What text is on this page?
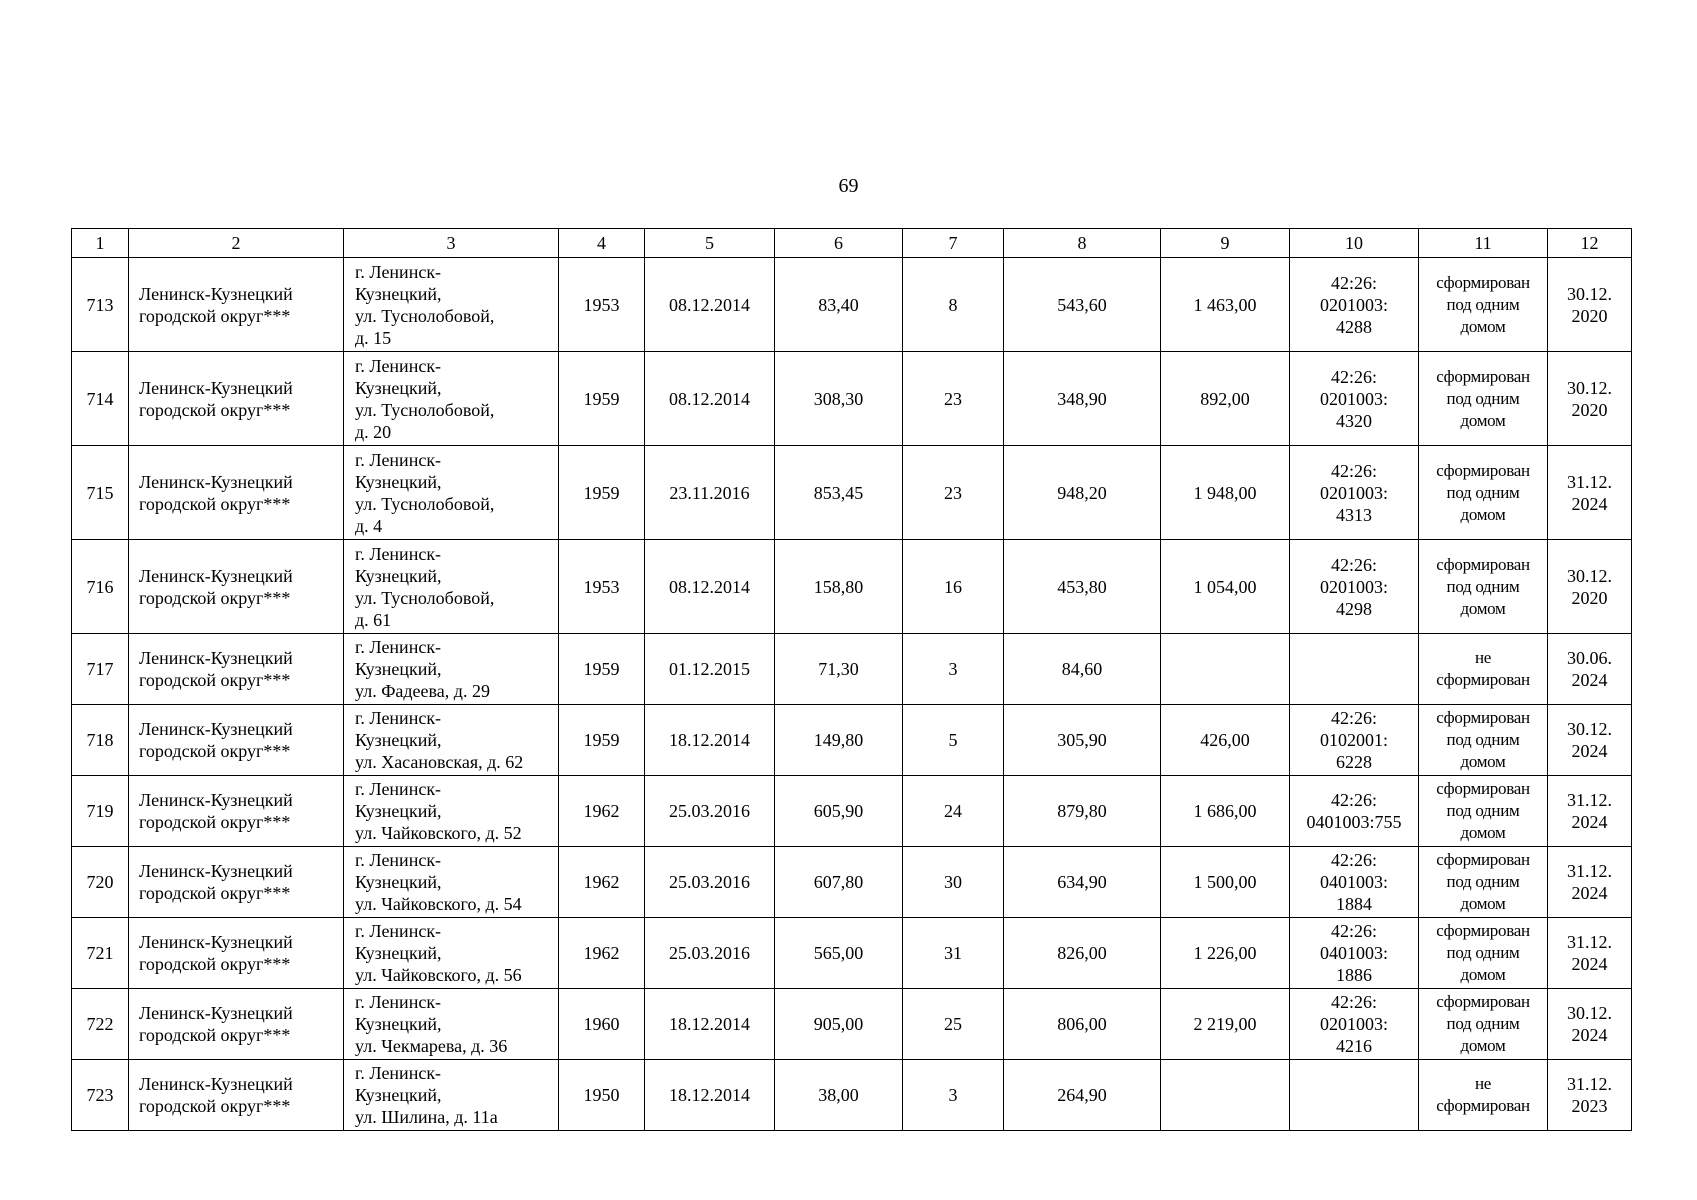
69
1	2	3	4	5	6	7	8	9	10	11	12
713	Ленинск-Кузнецкий городской округ***	г. Ленинск-
Кузнецкий,
ул. Туснолобовой,
д. 15	1953	08.12.2014	83,40	8	543,60	1 463,00	42:26:
0201003:
4288	сформирован
под одним
домом	30.12.
2020
714	Ленинск-Кузнецкий городской округ***	г. Ленинск-
Кузнецкий,
ул. Туснолобовой,
д. 20	1959	08.12.2014	308,30	23	348,90	892,00	42:26:
0201003:
4320	сформирован
под одним
домом	30.12.
2020
715	Ленинск-Кузнецкий городской округ***	г. Ленинск-
Кузнецкий,
ул. Туснолобовой,
д. 4	1959	23.11.2016	853,45	23	948,20	1 948,00	42:26:
0201003:
4313	сформирован
под одним
домом	31.12.
2024
716	Ленинск-Кузнецкий городской округ***	г. Ленинск-
Кузнецкий,
ул. Туснолобовой,
д. 61	1953	08.12.2014	158,80	16	453,80	1 054,00	42:26:
0201003:
4298	сформирован
под одним
домом	30.12.
2020
717	Ленинск-Кузнецкий городской округ***	г. Ленинск-
Кузнецкий,
ул. Фадеева, д. 29	1959	01.12.2015	71,30	3	84,60			не
сформирован	30.06.
2024
718	Ленинск-Кузнецкий городской округ***	г. Ленинск-
Кузнецкий,
ул. Хасановская, д. 62	1959	18.12.2014	149,80	5	305,90	426,00	42:26:
0102001:
6228	сформирован
под одним
домом	30.12.
2024
719	Ленинск-Кузнецкий городской округ***	г. Ленинск-
Кузнецкий,
ул. Чайковского, д. 52	1962	25.03.2016	605,90	24	879,80	1 686,00	42:26:
0401003:755	сформирован
под одним
домом	31.12.
2024
720	Ленинск-Кузнецкий городской округ***	г. Ленинск-
Кузнецкий,
ул. Чайковского, д. 54	1962	25.03.2016	607,80	30	634,90	1 500,00	42:26:
0401003:
1884	сформирован
под одним
домом	31.12.
2024
721	Ленинск-Кузнецкий городской округ***	г. Ленинск-
Кузнецкий,
ул. Чайковского, д. 56	1962	25.03.2016	565,00	31	826,00	1 226,00	42:26:
0401003:
1886	сформирован
под одним
домом	31.12.
2024
722	Ленинск-Кузнецкий городской округ***	г. Ленинск-
Кузнецкий,
ул. Чекмарева, д. 36	1960	18.12.2014	905,00	25	806,00	2 219,00	42:26:
0201003:
4216	сформирован
под одним
домом	30.12.
2024
723	Ленинск-Кузнецкий городской округ***	г. Ленинск-
Кузнецкий,
ул. Шилина, д. 11а	1950	18.12.2014	38,00	3	264,90			не
сформирован	31.12.
2023
